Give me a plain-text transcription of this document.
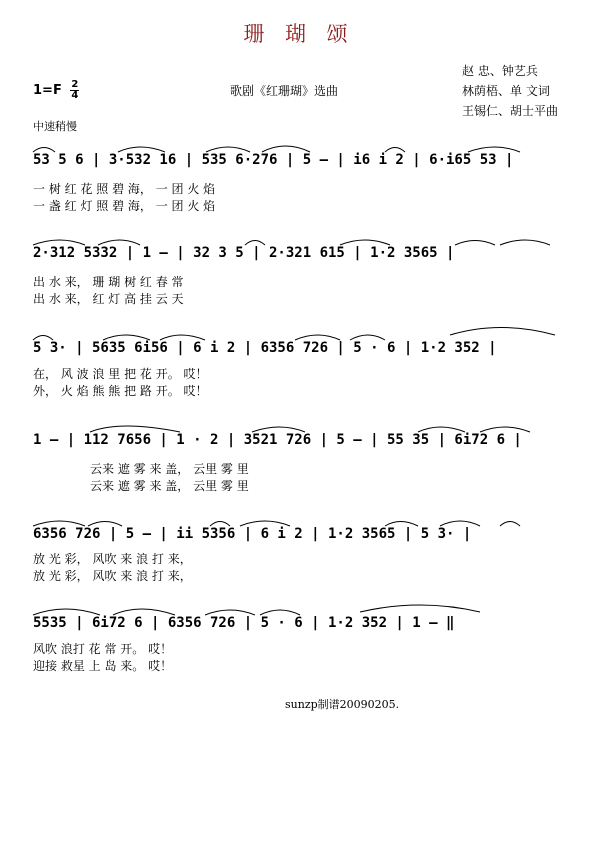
珊 瑚 颂
赵 忠、钟艺兵
$1=F \frac{2}{4}$	歌剧《红珊瑚》选曲	林荫梧、单 文词
王锡仁、胡士平曲
中速稍慢
53 5 6 | 3·532 16 | 535 6·276 | 5 – | i6 i 2 | 6·i65 53 |
一 树 红 花 照 碧 海， 一 团 火 焰
一 盏 红 灯 照 碧 海， 一 团 火 焰
2·312 5332 | 1 – | 32 3 5 | 2·321 615 | 1·2 3565 |
出 水 来， 珊 瑚 树 红 春 常
出 水 来， 红 灯 高 挂 云 天
5 3· | 5635 6i56 | 6 i 2 | 6356 726 | 5 · 6 | 1·2 352 |
在， 风 波 浪 里 把 花 开。 哎！
外， 火 焰 熊 熊 把 路 开。 哎！
1 – | 112 7656 | 1 · 2 | 3521 726 | 5 – | 55 35 | 6i72 6 |
云来 遮 雾 来 盖， 云里 雾 里
云来 遮 雾 来 盖， 云里 雾 里
6356 726 | 5 – | ii 5356 | 6 i 2 | 1·2 3565 | 5 3· |
放 光 彩， 风吹 来 浪 打 来，
放 光 彩， 风吹 来 浪 打 来，
5535 | 6i72 6 | 6356 726 | 5 · 6 | 1·2 352 | 1 – ‖
风吹 浪打 花 常 开。 哎！
迎接 救星 上 岛 来。 哎！
sunzp制谱20090205.
